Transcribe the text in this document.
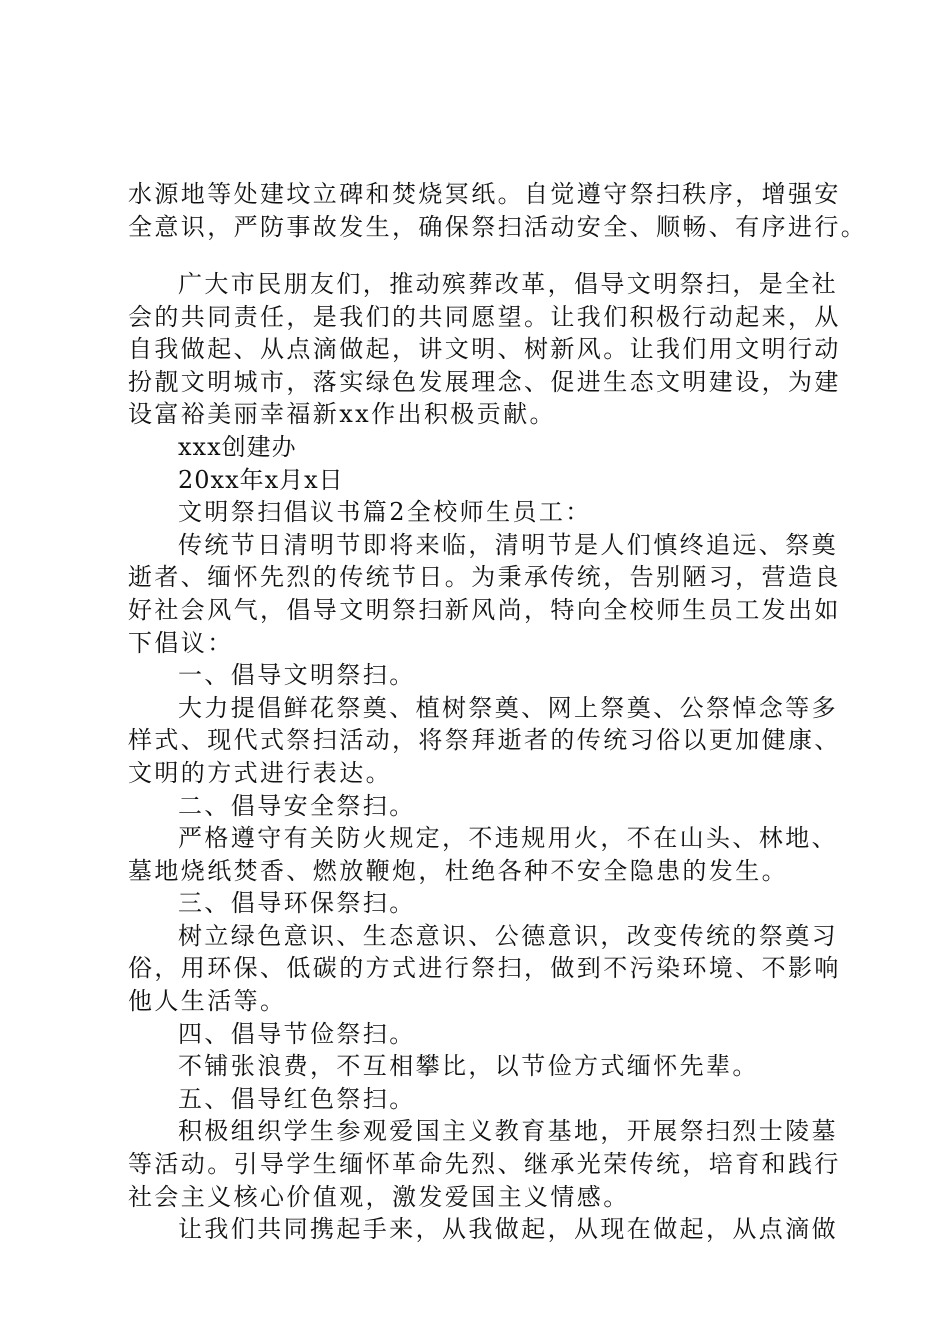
水源地等处建坟立碑和焚烧冥纸。自觉遵守祭扫秩序，增强安
全意识，严防事故发生，确保祭扫活动安全、顺畅、有序进行。
广大市民朋友们，推动殡葬改革，倡导文明祭扫，是全社
会的共同责任，是我们的共同愿望。让我们积极行动起来，从
自我做起、从点滴做起，讲文明、树新风。让我们用文明行动
扮靓文明城市，落实绿色发展理念、促进生态文明建设，为建
设富裕美丽幸福新xx作出积极贡献。
xxx创建办
20xx年x月x日
文明祭扫倡议书篇2全校师生员工：
传统节日清明节即将来临，清明节是人们慎终追远、祭奠
逝者、缅怀先烈的传统节日。为秉承传统，告别陋习，营造良
好社会风气，倡导文明祭扫新风尚，特向全校师生员工发出如
下倡议：
一、倡导文明祭扫。
大力提倡鲜花祭奠、植树祭奠、网上祭奠、公祭悼念等多
样式、现代式祭扫活动，将祭拜逝者的传统习俗以更加健康、
文明的方式进行表达。
二、倡导安全祭扫。
严格遵守有关防火规定，不违规用火，不在山头、林地、
墓地烧纸焚香、燃放鞭炮，杜绝各种不安全隐患的发生。
三、倡导环保祭扫。
树立绿色意识、生态意识、公德意识，改变传统的祭奠习
俗，用环保、低碳的方式进行祭扫，做到不污染环境、不影响
他人生活等。
四、倡导节俭祭扫。
不铺张浪费，不互相攀比，以节俭方式缅怀先辈。
五、倡导红色祭扫。
积极组织学生参观爱国主义教育基地，开展祭扫烈士陵墓
等活动。引导学生缅怀革命先烈、继承光荣传统，培育和践行
社会主义核心价值观，激发爱国主义情感。
让我们共同携起手来，从我做起，从现在做起，从点滴做
